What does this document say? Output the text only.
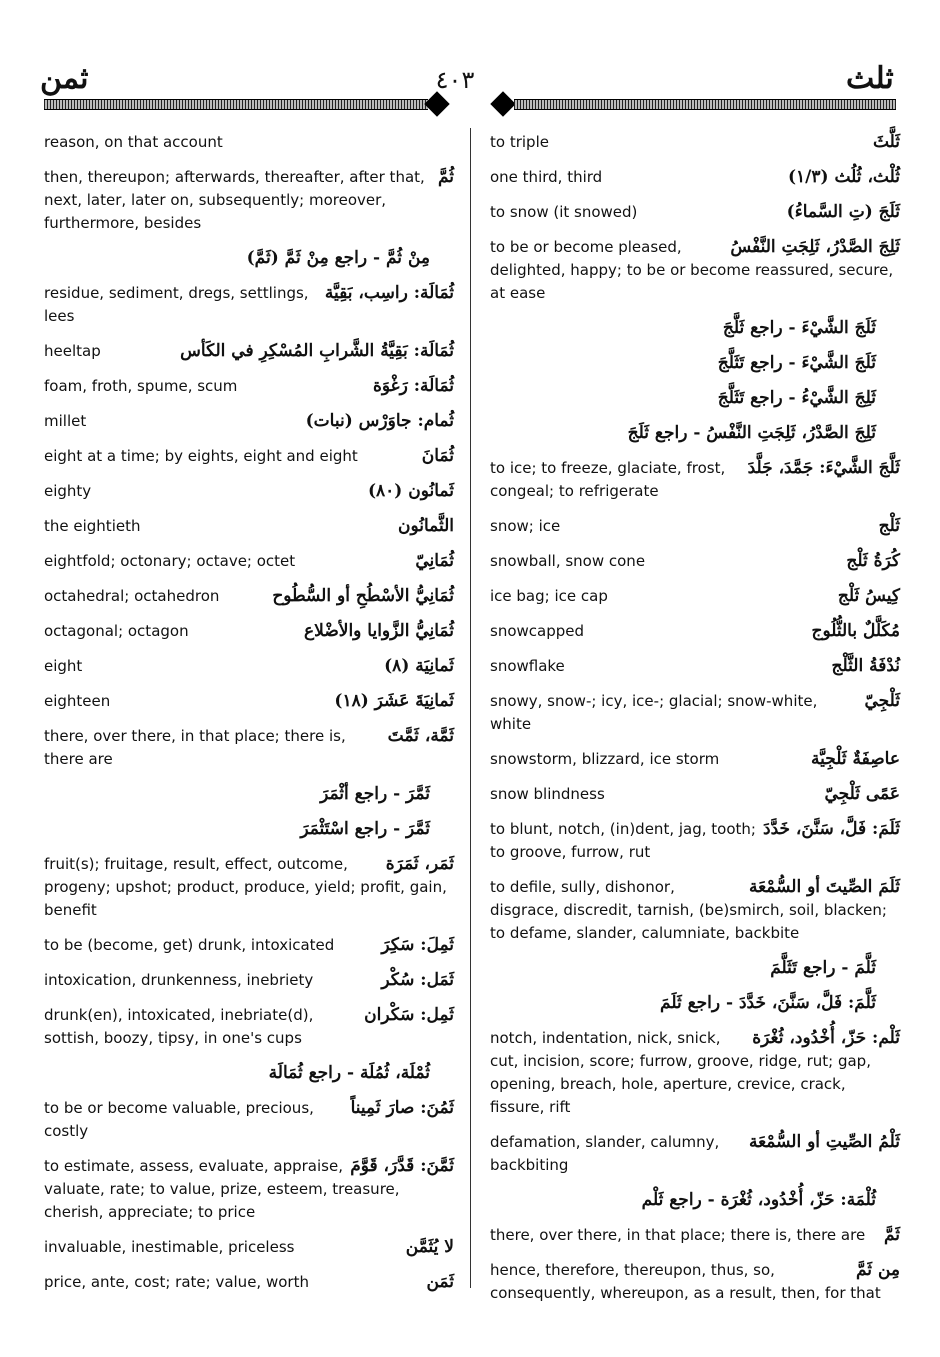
ثمن	٤٠٣	ثلث
reason, on that account
ثُمَّ
then, thereupon; afterwards, thereafter, after that, next, later, later on, subsequently; moreover, furthermore, besides
مِنْ ثُمَّ - راجع مِنْ ثَمَّ (ثَمَّ)
ثُمَالَة: راسِب، بَقِيَّة
residue, sediment, dregs, settlings, lees
ثُمَالَة: بَقِيَّةُ الشَّرابِ المُسْكِرِ في الكَأس
heeltap
ثُمَالَة: رَغْوَة
foam, froth, spume, scum
ثُمام: جاوَرْس (نبات)
millet
ثُمَانَ
eight at a time; by eights, eight and eight
ثَمانُون (٨٠)
eighty
الثَّمانُون
the eightieth
ثُمَانِيّ
eightfold; octonary; octave; octet
ثُمَانِيُّ الأسْطُحِ أو السُّطُوح
octahedral; octahedron
ثُمَانِيُّ الزَّوايا والأضْلاع
octagonal; octagon
ثَمانِيَة (٨)
eight
ثَمانِيَةَ عَشَرَ (١٨)
eighteen
ثَمَّة، ثَمَّتَ
there, over there, in that place; there is, there are
ثَمَّرَ - راجع أثْمَرَ
ثَمَّرَ - راجع اسْتَثْمَرَ
ثَمَر، ثَمَرَة
fruit(s); fruitage, result, effect, outcome, progeny; upshot; product, produce, yield; profit, gain, benefit
ثَمِلَ: سَكِرَ
to be (become, get) drunk, intoxicated
ثَمَل: سُكْر
intoxication, drunkenness, inebriety
ثَمِل: سَكْران
drunk(en), intoxicated, inebriate(d), sottish, boozy, tipsy, in one's cups
ثُمْلَة، ثُمُلَة - راجع ثُمَالَة
ثَمُنَ: صارَ ثَمِيناً
to be or become valuable, precious, costly
ثَمَّنَ: قَدَّرَ، قَوَّمَ
to estimate, assess, evaluate, appraise, valuate, rate; to value, prize, esteem, treasure, cherish, appreciate; to price
لا يُثَمَّن
invaluable, inestimable, priceless
ثَمَن
price, ante, cost; rate; value, worth
ثَلَّثَ
to triple
ثُلْث، ثُلُث (١/٣)
one third, third
ثَلَجَ (تِ السَّماءُ)
to snow (it snowed)
ثَلِجَ الصَّدْرُ، ثَلِجَتِ النَّفْسُ
to be or become pleased, delighted, happy; to be or become reassured, secure, at ease
ثَلَجَ الشَّيْءَ - راجع ثَلَّجَ
ثَلَجَ الشَّيْءَ - راجع تَثَلَّجَ
ثَلِجَ الشَّيْءُ - راجع تَثَلَّجَ
ثَلِجَ الصَّدْرُ، ثَلِجَتِ النَّفْسُ - راجع ثَلَجَ
ثَلَّجَ الشَّيْءَ: جَمَّدَ، جَلَّدَ
to ice; to freeze, glaciate, frost, congeal; to refrigerate
ثَلْج
snow; ice
كُرَةُ ثَلْج
snowball, snow cone
كِيسُ ثَلْج
ice bag; ice cap
مُكَلَّلٌ بالثُّلُوج
snowcapped
نُدْفَةُ الثَّلْج
snowflake
ثَلْجِيّ
snowy, snow-; icy, ice-; glacial; snow-white, white
عاصِفَةٌ ثَلْجِيَّة
snowstorm, blizzard, ice storm
عَمًى ثَلْجِيّ
snow blindness
ثَلَمَ: فَلَّ، سَنَّنَ، خَدَّدَ
to blunt, notch, (in)dent, jag, tooth; to groove, furrow, rut
ثَلَمَ الصِّيتَ أو السُّمْعَة
to defile, sully, dishonor, disgrace, discredit, tarnish, (be)smirch, soil, blacken; to defame, slander, calumniate, backbite
ثَلَّمَ - راجع تَثَلَّمَ
ثَلَّمَ: فَلَّ، سَنَّنَ، خَدَّدَ - راجع ثَلَمَ
ثَلْم: حَزّ، أُخْدُود، ثُغْرَة
notch, indentation, nick, snick, cut, incision, score; furrow, groove, ridge, rut; gap, opening, breach, hole, aperture, crevice, crack, fissure, rift
ثَلْمُ الصِّيتِ أو السُّمْعَة
defamation, slander, calumny, backbiting
ثُلْمَة: حَزّ، أُخْدُود، ثُغْرَة - راجع ثَلْم
ثَمَّ
there, over there, in that place; there is, there are
مِن ثَمَّ
hence, therefore, thereupon, thus, so, consequently, whereupon, as a result, then, for that
